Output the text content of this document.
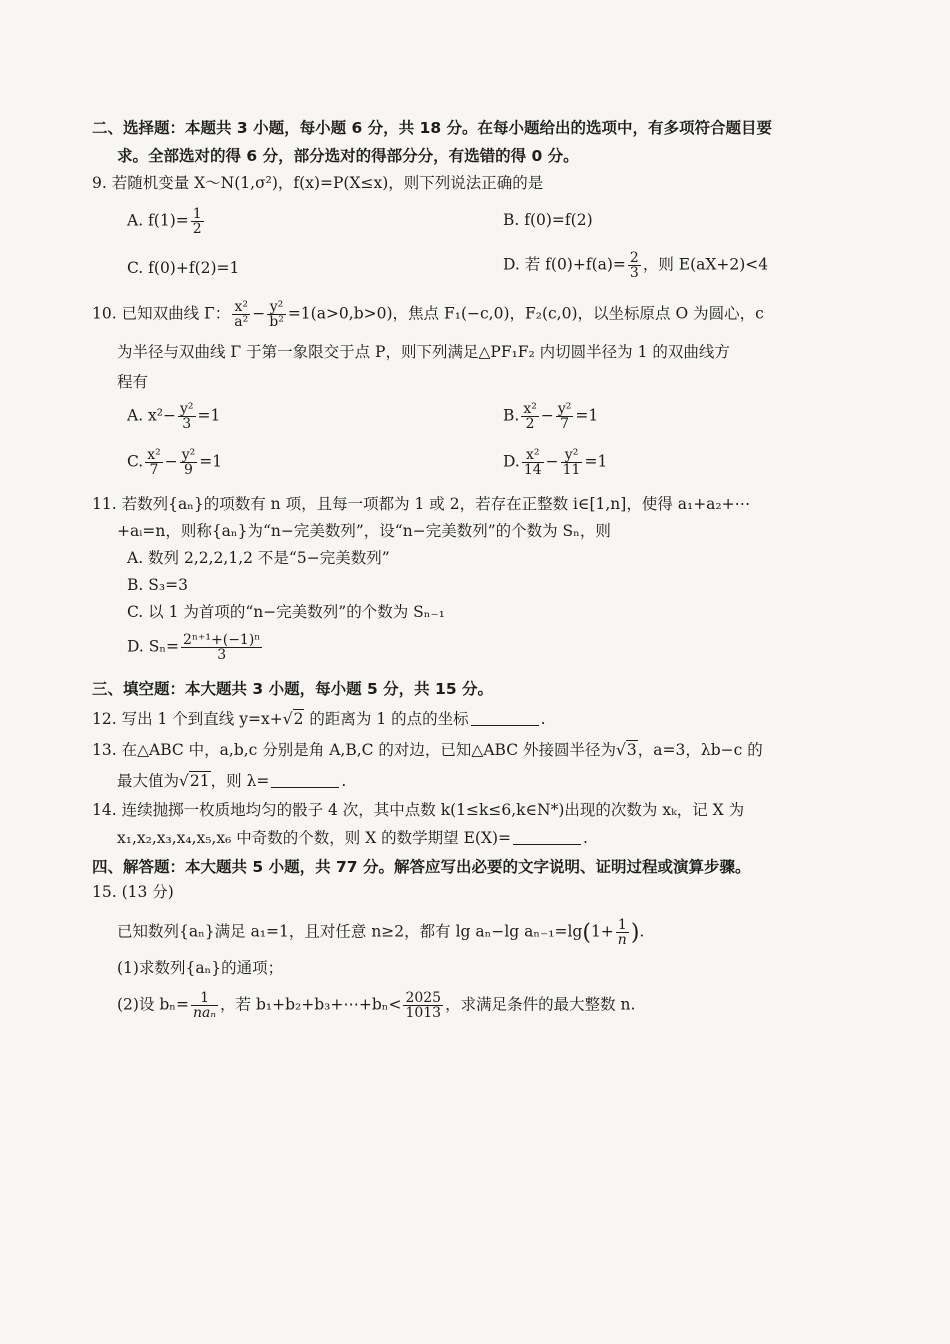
二、选择题：本题共 3 小题，每小题 6 分，共 18 分。在每小题给出的选项中，有多项符合题目要
求。全部选对的得 6 分，部分选对的得部分分，有选错的得 0 分。
9. 若随机变量 X～N(1,σ²)，f(x)=P(X≤x)，则下列说法正确的是
A. $f(1)= \frac{1}{2}$	B. f(0)=f(2)
C. f(0)+f(2)=1	D. 若 $f(0)+f(a)= \frac{2}{3}$ ，则 E(aX+2)<4
10. 已知双曲线 Γ： $\frac{\text{x²}}{\text{a²}} - \frac{\text{y²}}{\text{b²}} =1(a>0,b>0)$，焦点 F₁(−c,0)，F₂(c,0)，以坐标原点 O 为圆心，c
为半径与双曲线 Γ 于第一象限交于点 P，则下列满足△PF₁F₂ 内切圆半径为 1 的双曲线方
程有
A. $x^2- \frac{\text{y²}}{3} =1$	B. $\frac{\text{x²}}{2} - \frac{\text{y²}}{7} =1$
C. $\frac{\text{x²}}{7} - \frac{\text{y²}}{9} =1$	D. $\frac{\text{x²}}{14} - \frac{\text{y²}}{11} =1$
11. 若数列{aₙ}的项数有 n 项，且每一项都为 1 或 2，若存在正整数 i∈[1,n]，使得 a₁+a₂+⋯
+aᵢ=n，则称{aₙ}为“n−完美数列”，设“n−完美数列”的个数为 Sₙ，则
A. 数列 2,2,2,1,2 不是“5−完美数列”
B. S₃=3
C. 以 1 为首项的“n−完美数列”的个数为 Sₙ₋₁
D. $S_n= \frac{\text{2ⁿ⁺¹+(−1)ⁿ}}{3}$
三、填空题：本大题共 3 小题，每小题 5 分，共 15 分。
12. 写出 1 个到直线 y=x+√2 的距离为 1 的点的坐标	.
13. 在△ABC 中，a,b,c 分别是角 A,B,C 的对边，已知△ABC 外接圆半径为√3，a=3，λb−c 的
最大值为√21，则 λ=	.
14. 连续抛掷一枚质地均匀的骰子 4 次，其中点数 k(1≤k≤6,k∈N*)出现的次数为 xₖ，记 X 为
x₁,x₂,x₃,x₄,x₅,x₆ 中奇数的个数，则 X 的数学期望 E(X)=	.
四、解答题：本大题共 5 小题，共 77 分。解答应写出必要的文字说明、证明过程或演算步骤。
15. (13 分)
已知数列{aₙ}满足 a₁=1，且对任意 n≥2，都有 lg aₙ−lg $a_{n-1}=\lg(1+ \frac{1}{n}$ ).
(1)求数列{aₙ}的通项；
(2)设 $b_n= \frac{1}{\text{naₙ}}$ ，若 b₁+b₂+b₃+⋯+bₙ< $\frac{2025}{1013}$ ，求满足条件的最大整数 n.
